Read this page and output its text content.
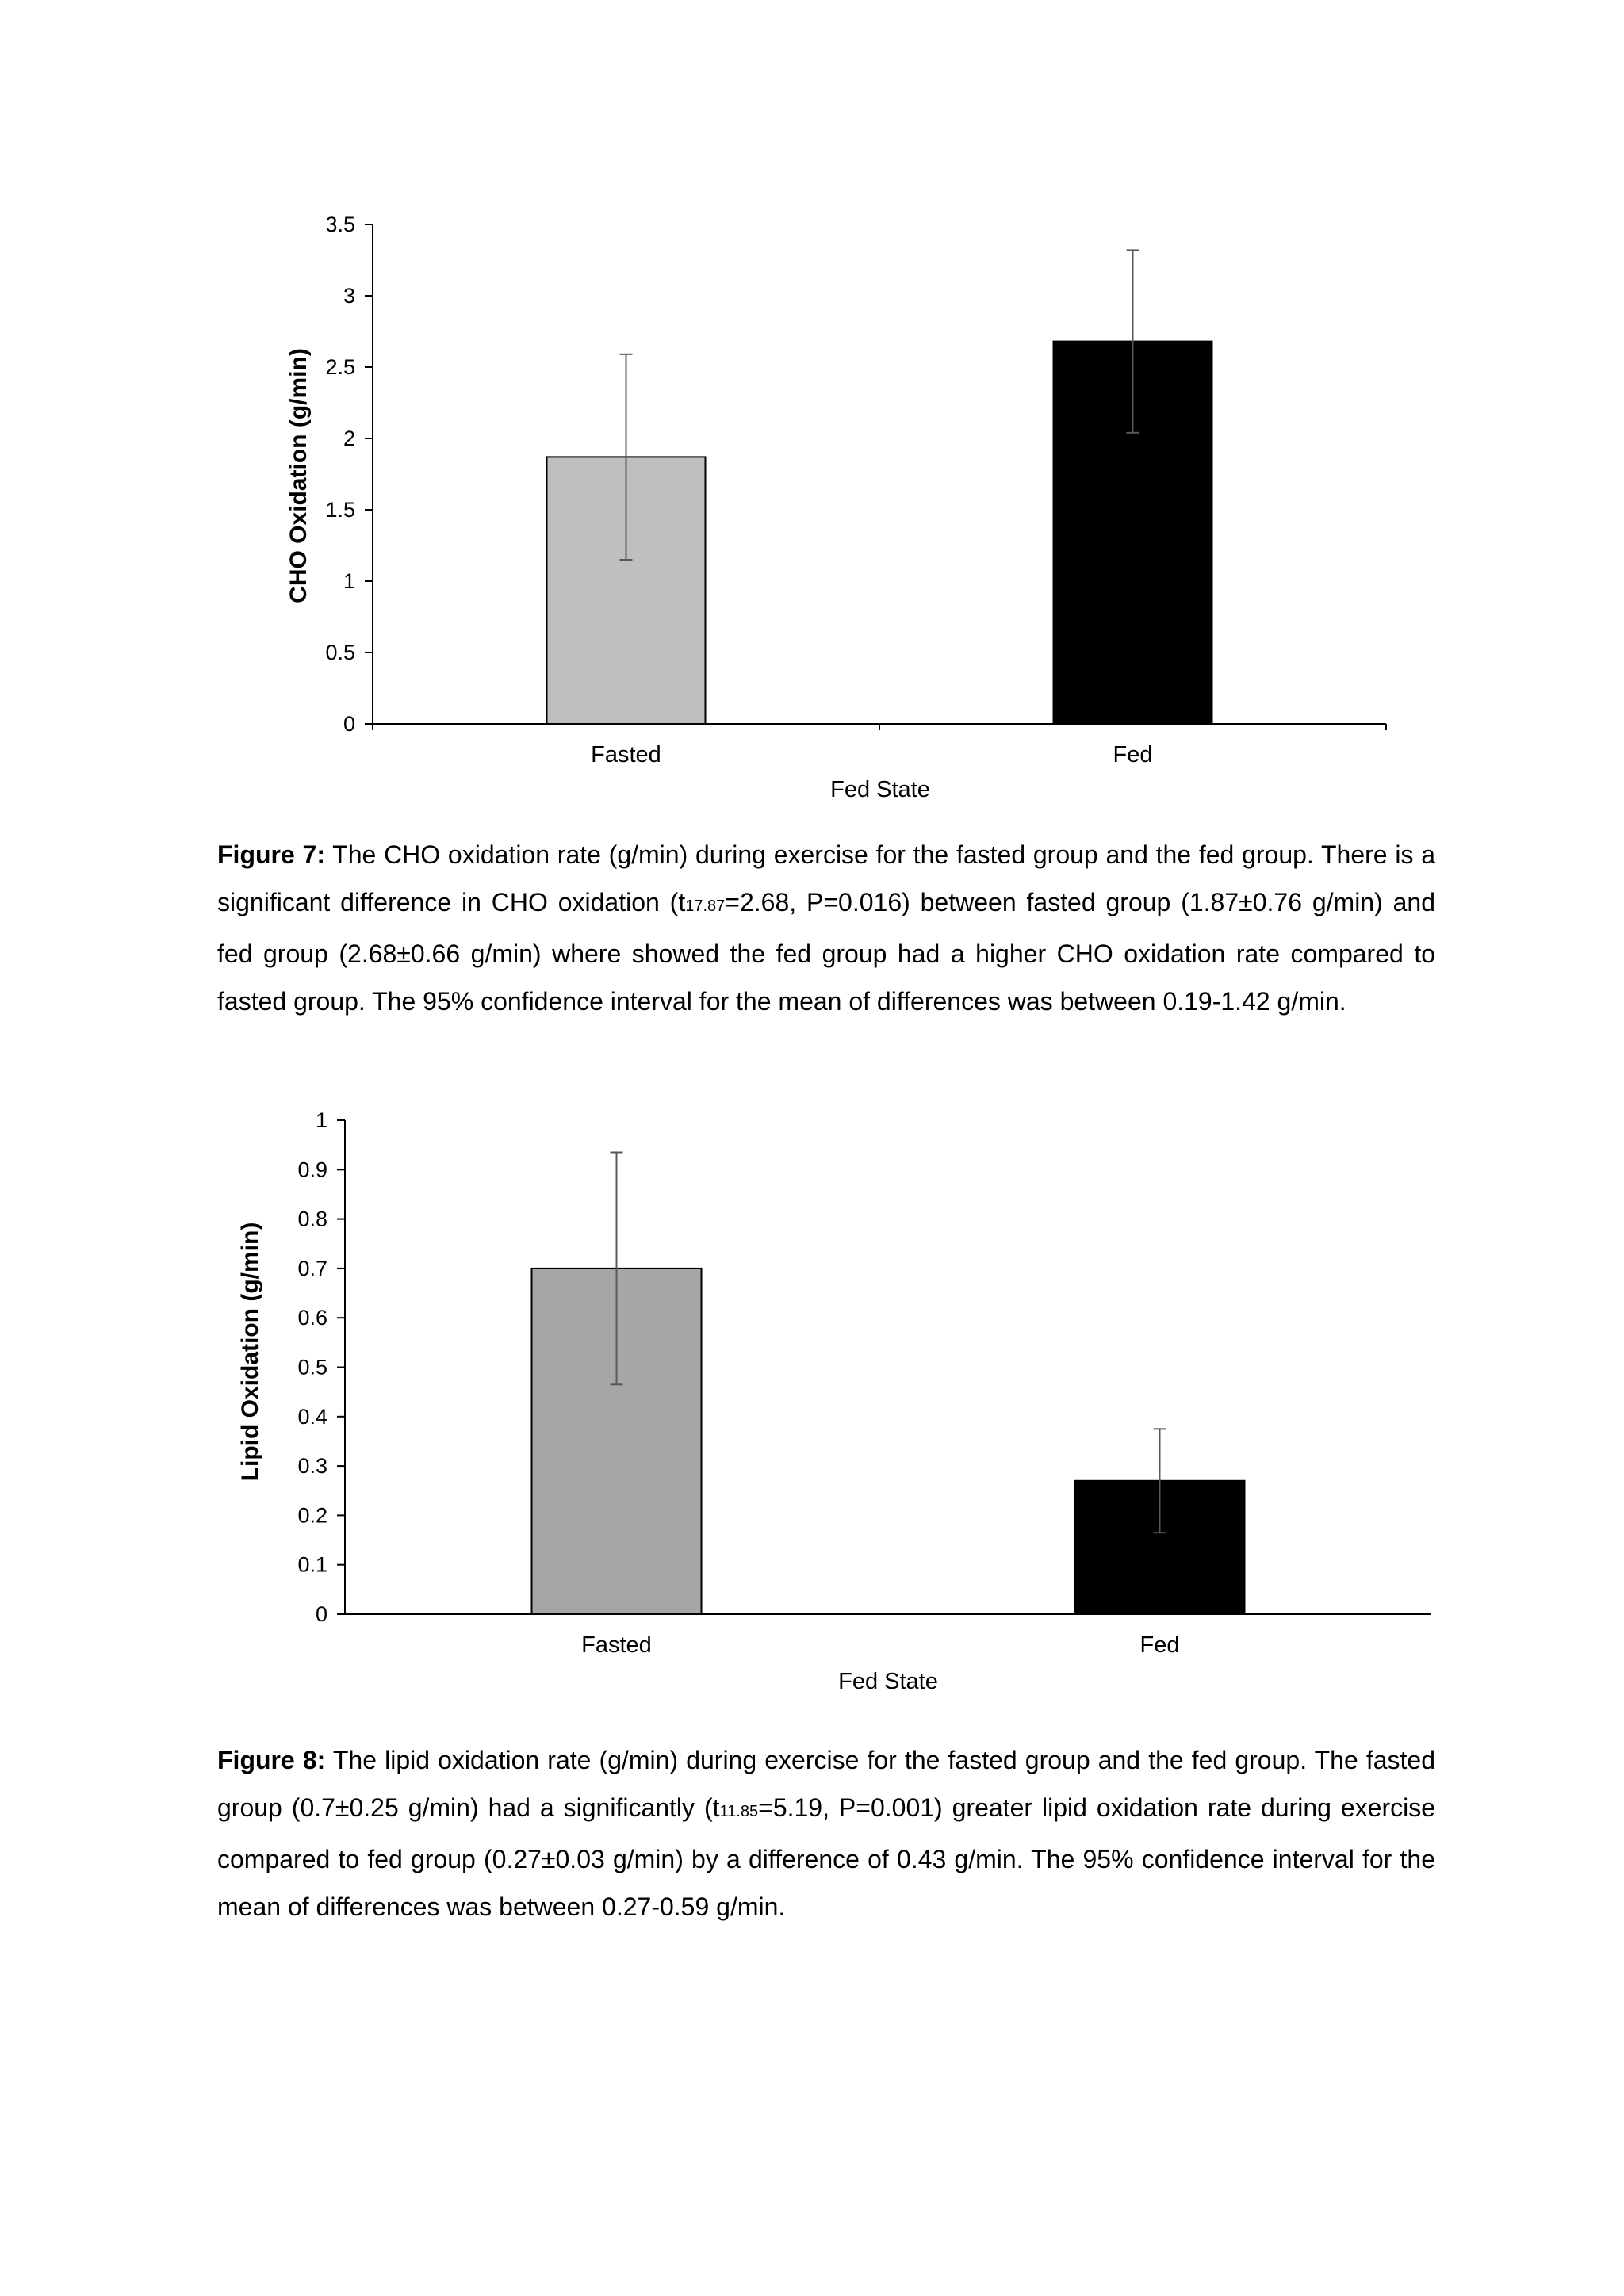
CHO Oxidation (g/min)
Fed State
0
0.5
1
1.5
2
2.5
3
3.5
Fasted	Fed
Figure 7: The CHO oxidation rate (g/min) during exercise for the fasted group and the fed group. There is a significant difference in CHO oxidation (t17.87=2.68, P=0.016) between fasted group (1.87±0.76 g/min) and fed group (2.68±0.66 g/min) where showed the fed group had a higher CHO oxidation rate compared to fasted group. The 95% confidence interval for the mean of differences was between 0.19-1.42 g/min.
Lipid Oxidation (g/min)
Fed State
0
0.1
0.2
0.3
0.4
0.5
0.6
0.7
0.8
0.9
1
Fasted	Fed
Figure 8: The lipid oxidation rate (g/min) during exercise for the fasted group and the fed group. The fasted group (0.7±0.25 g/min) had a significantly (t11.85=5.19, P=0.001) greater lipid oxidation rate during exercise compared to fed group (0.27±0.03 g/min) by a difference of 0.43 g/min. The 95% confidence interval for the mean of differences was between 0.27-0.59 g/min.
